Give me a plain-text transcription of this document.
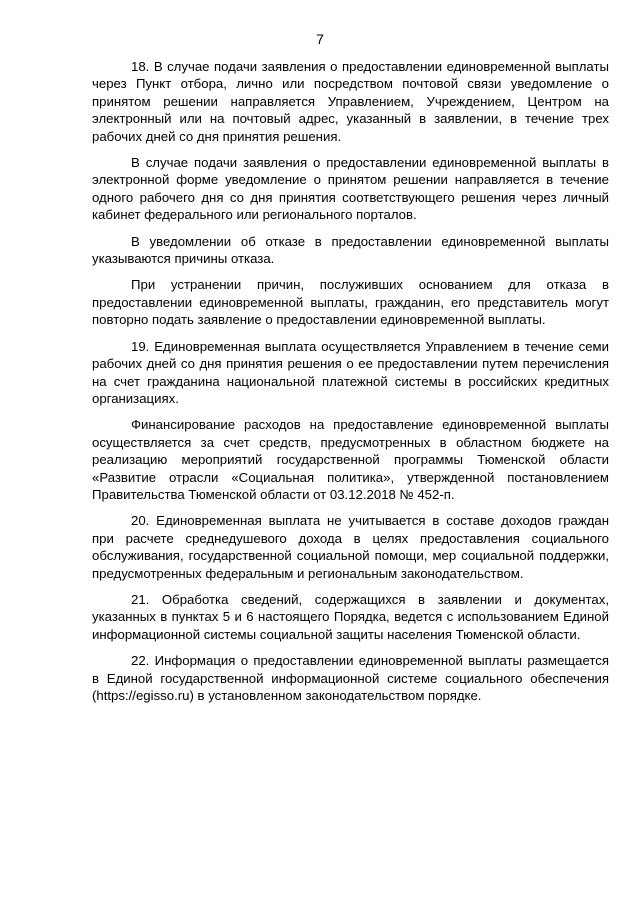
7

18. В случае подачи заявления о предоставлении единовременной выплаты через Пункт отбора, лично или посредством почтовой связи уведомление о принятом решении направляется Управлением, Учреждением, Центром на электронный или на почтовый адрес, указанный в заявлении, в течение трех рабочих дней со дня принятия решения.

В случае подачи заявления о предоставлении единовременной выплаты в электронной форме уведомление о принятом решении направляется в течение одного рабочего дня со дня принятия соответствующего решения через личный кабинет федерального или регионального порталов.

В уведомлении об отказе в предоставлении единовременной выплаты указываются причины отказа.

При устранении причин, послуживших основанием для отказа в предоставлении единовременной выплаты, гражданин, его представитель могут повторно подать заявление о предоставлении единовременной выплаты.

19. Единовременная выплата осуществляется Управлением в течение семи рабочих дней со дня принятия решения о ее предоставлении путем перечисления на счет гражданина национальной платежной системы в российских кредитных организациях.

Финансирование расходов на предоставление единовременной выплаты осуществляется за счет средств, предусмотренных в областном бюджете на реализацию мероприятий государственной программы Тюменской области «Развитие отрасли «Социальная политика», утвержденной постановлением Правительства Тюменской области от 03.12.2018 № 452-п.

20. Единовременная выплата не учитывается в составе доходов граждан при расчете среднедушевого дохода в целях предоставления социального обслуживания, государственной социальной помощи, мер социальной поддержки, предусмотренных федеральным и региональным законодательством.

21. Обработка сведений, содержащихся в заявлении и документах, указанных в пунктах 5 и 6 настоящего Порядка, ведется с использованием Единой информационной системы социальной защиты населения Тюменской области.

22. Информация о предоставлении единовременной выплаты размещается в Единой государственной информационной системе социального обеспечения (https://egisso.ru) в установленном законодательством порядке.
